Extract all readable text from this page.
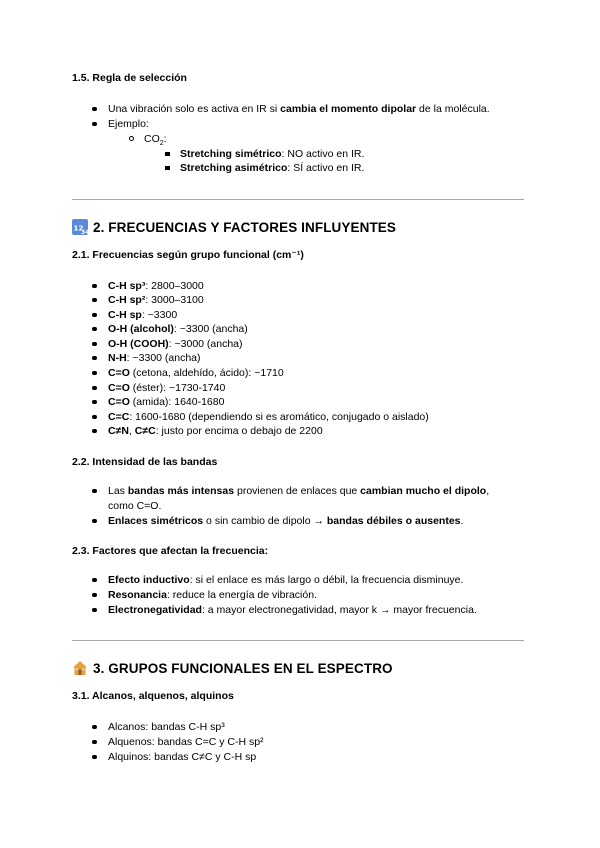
1.5. Regla de selección
Una vibración solo es activa en IR si cambia el momento dipolar de la molécula.
Ejemplo:
$CO_2$:
Stretching simétrico: NO activo en IR.
Stretching asimétrico: SÍ activo en IR.
12
34 2. FRECUENCIAS Y FACTORES INFLUYENTES
2.1. Frecuencias según grupo funcional (cm⁻¹)
C-H sp³: 2800–3000
C-H sp²: 3000–3100
C-H sp: ~3300
O-H (alcohol): ~3300 (ancha)
O-H (COOH): ~3000 (ancha)
N-H: ~3300 (ancha)
C=O (cetona, aldehído, ácido): ~1710
C=O (éster): ~1730-1740
C=O (amida): 1640-1680
C=C: 1600-1680 (dependiendo si es aromático, conjugado o aislado)
C≠N, C≠C: justo por encima o debajo de 2200
2.2. Intensidad de las bandas
Las bandas más intensas provienen de enlaces que cambian mucho el dipolo,
como C=O.
Enlaces simétricos o sin cambio de dipolo → bandas débiles o ausentes.
2.3. Factores que afectan la frecuencia:
Efecto inductivo: si el enlace es más largo o débil, la frecuencia disminuye.
Resonancia: reduce la energía de vibración.
Electronegatividad: a mayor electronegatividad, mayor k → mayor frecuencia.
3. GRUPOS FUNCIONALES EN EL ESPECTRO
3.1. Alcanos, alquenos, alquinos
Alcanos: bandas C-H sp³
Alquenos: bandas C=C y C-H sp²
Alquinos: bandas C≠C y C-H sp
